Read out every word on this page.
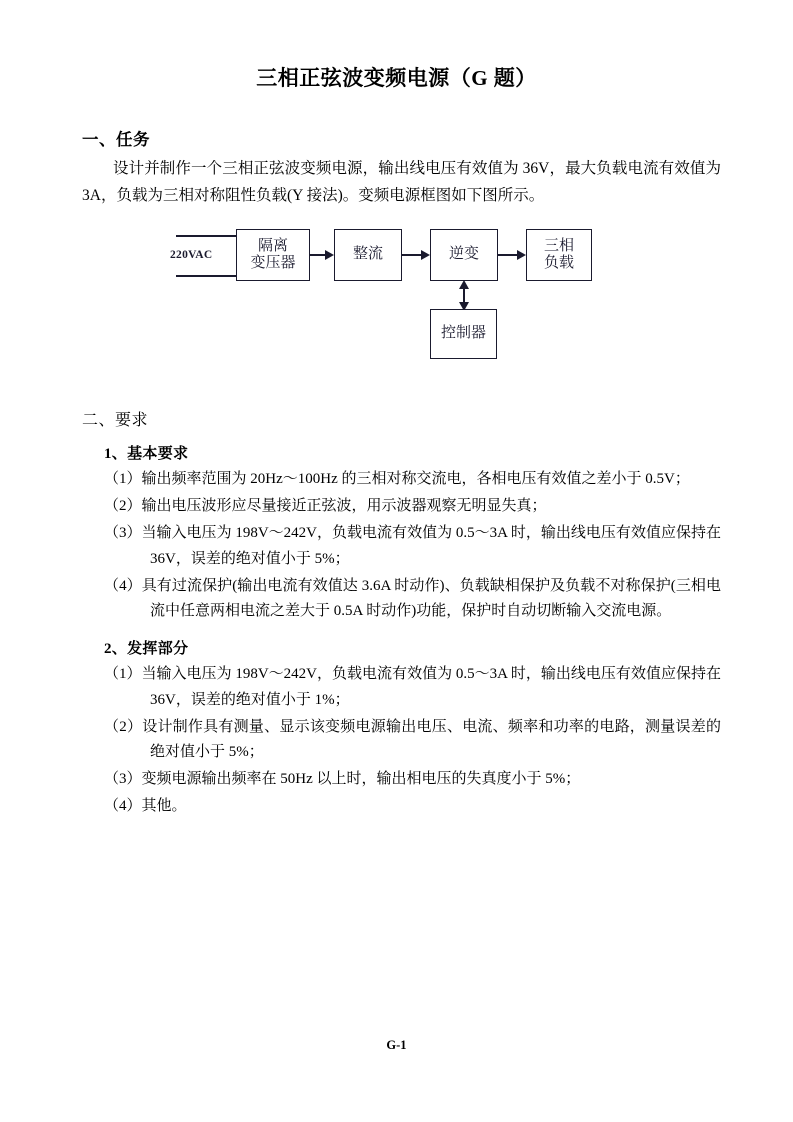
三相正弦波变频电源（G 题）
一、任务

设计并制作一个三相正弦波变频电源，输出线电压有效值为 36V，最大负载电流有效值为 3A，负载为三相对称阻性负载(Y 接法)。变频电源框图如下图所示。

220VAC
隔离
变压器
整流	逆变
三相
负载
控制器
二、要求
1、基本要求
（1）输出频率范围为 20Hz～100Hz 的三相对称交流电，各相电压有效值之差小于 0.5V；
（2）输出电压波形应尽量接近正弦波，用示波器观察无明显失真；
（3）当输入电压为 198V～242V，负载电流有效值为 0.5～3A 时，输出线电压有效值应保持在 36V，误差的绝对值小于 5%；
（4）具有过流保护(输出电流有效值达 3.6A 时动作)、负载缺相保护及负载不对称保护(三相电流中任意两相电流之差大于 0.5A 时动作)功能，保护时自动切断输入交流电源。
2、发挥部分
（1）当输入电压为 198V～242V，负载电流有效值为 0.5～3A 时，输出线电压有效值应保持在 36V，误差的绝对值小于 1%；
（2）设计制作具有测量、显示该变频电源输出电压、电流、频率和功率的电路，测量误差的绝对值小于 5%；
（3）变频电源输出频率在 50Hz 以上时，输出相电压的失真度小于 5%；
（4）其他。
G-1
